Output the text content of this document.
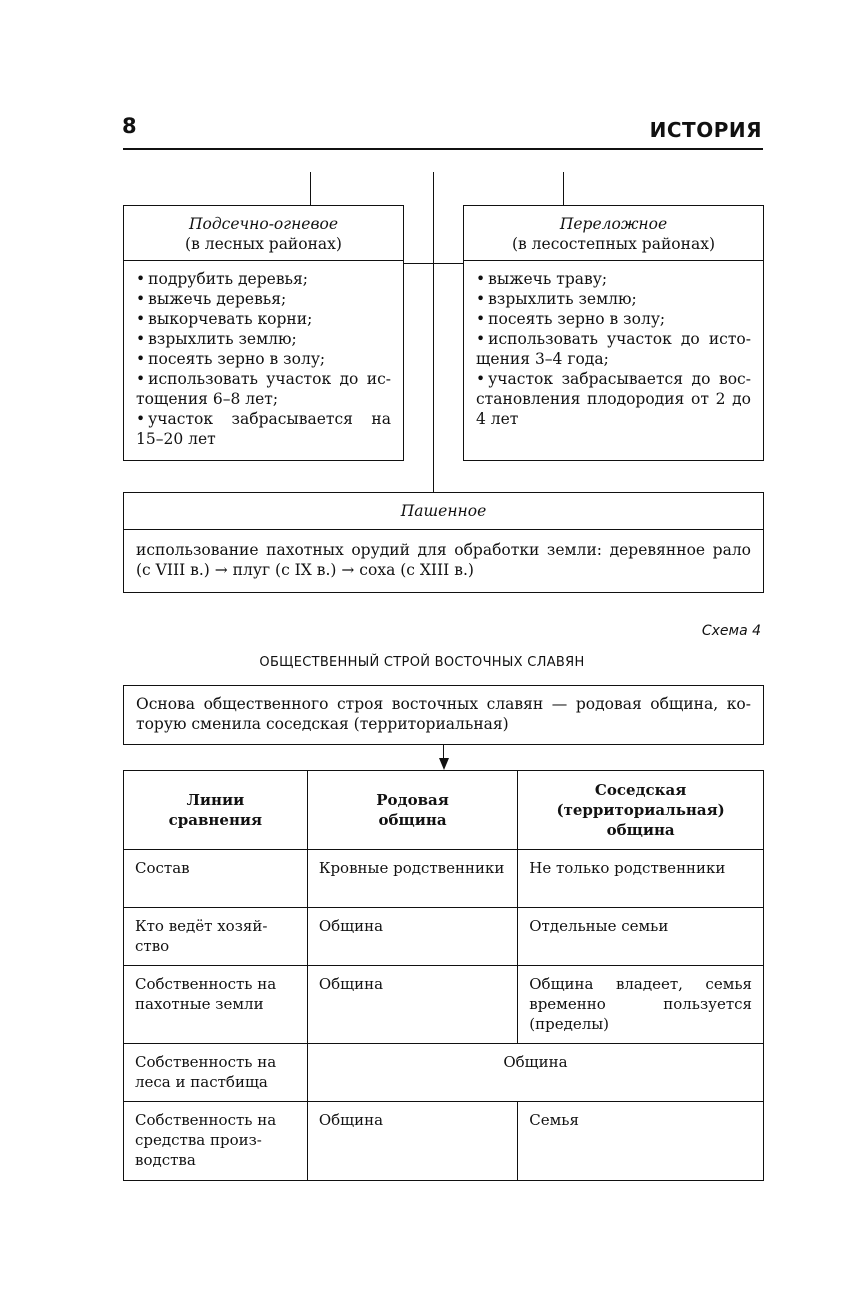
8	ИСТОРИЯ
Подсечно-огневое
(в лесных районах)
• подрубить деревья;
• выжечь деревья;
• выкорчевать корни;
• взрыхлить землю;
• посеять зерно в золу;
• использовать участок до истощения 6–8 лет;
• участок забрасывается на 15–20 лет
Переложное
(в лесостепных районах)
• выжечь траву;
• взрыхлить землю;
• посеять зерно в золу;
• использовать участок до истощения 3–4 года;
• участок забрасывается до восстановления плодородия от 2 до 4 лет
Пашенное
использование пахотных орудий для обработки земли: деревянное рало (с VIII в.) → плуг (с IX в.) → соха (с XIII в.)
Схема 4
ОБЩЕСТВЕННЫЙ СТРОЙ ВОСТОЧНЫХ СЛАВЯН
Основа общественного строя восточных славян — родовая община, которую сменила соседская (территориальная)
Линии сравнения	Родовая община	Соседская (территориальная) община
Состав	Кровные родственники	Не только родственники
Кто ведёт хозяйство	Община	Отдельные семьи
Собственность на пахотные земли	Община	Община владеет, семья временно пользуется (пределы)
Собственность на леса и пастбища	Община	
Собственность на средства производства	Община	Семья
